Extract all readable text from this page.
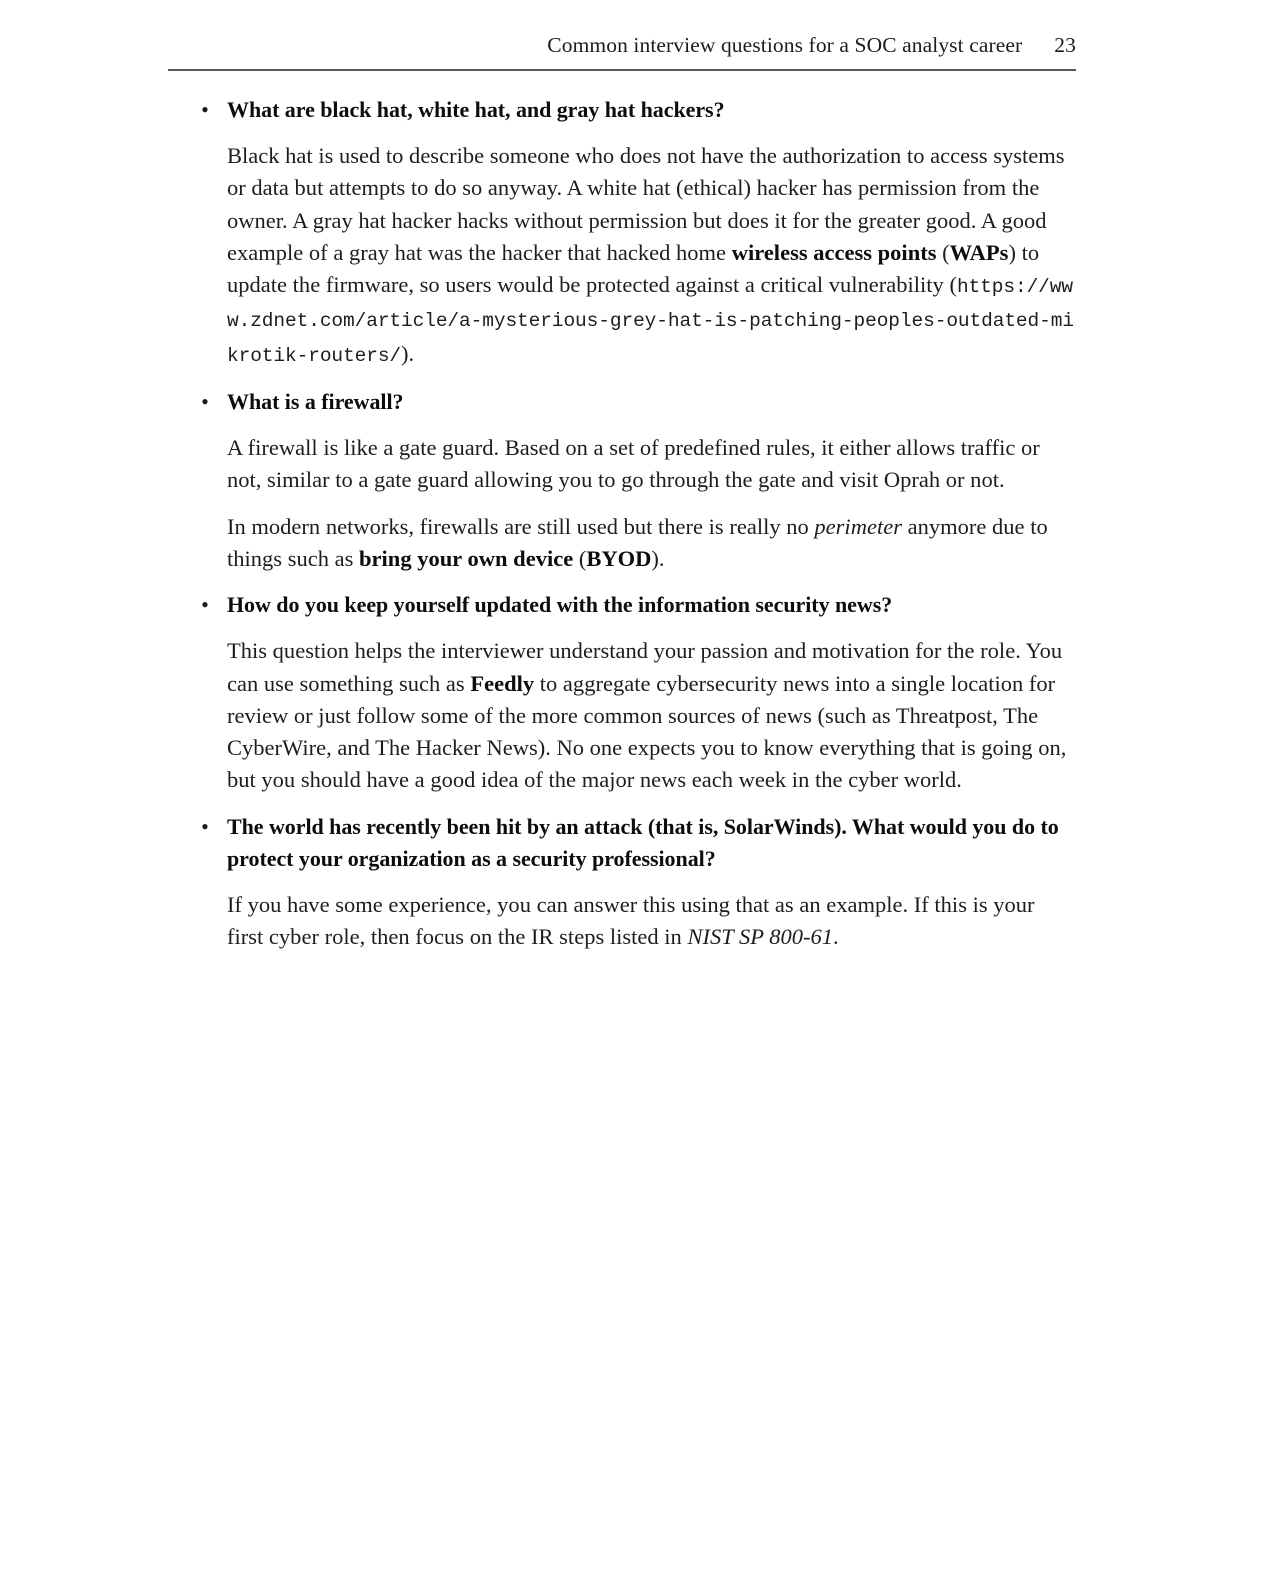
Common interview questions for a SOC analyst career 23
• What are black hat, white hat, and gray hat hackers?
Black hat is used to describe someone who does not have the authorization to access systems or data but attempts to do so anyway. A white hat (ethical) hacker has permission from the owner. A gray hat hacker hacks without permission but does it for the greater good. A good example of a gray hat was the hacker that hacked home wireless access points (WAPs) to update the firmware, so users would be protected against a critical vulnerability (https://www.zdnet.com/article/a-mysterious-grey-hat-is-patching-peoples-outdated-mikrotik-routers/).
• What is a firewall?
A firewall is like a gate guard. Based on a set of predefined rules, it either allows traffic or not, similar to a gate guard allowing you to go through the gate and visit Oprah or not.
In modern networks, firewalls are still used but there is really no perimeter anymore due to things such as bring your own device (BYOD).
• How do you keep yourself updated with the information security news?
This question helps the interviewer understand your passion and motivation for the role. You can use something such as Feedly to aggregate cybersecurity news into a single location for review or just follow some of the more common sources of news (such as Threatpost, The CyberWire, and The Hacker News). No one expects you to know everything that is going on, but you should have a good idea of the major news each week in the cyber world.
• The world has recently been hit by an attack (that is, SolarWinds). What would you do to protect your organization as a security professional?
If you have some experience, you can answer this using that as an example. If this is your first cyber role, then focus on the IR steps listed in NIST SP 800-61.
